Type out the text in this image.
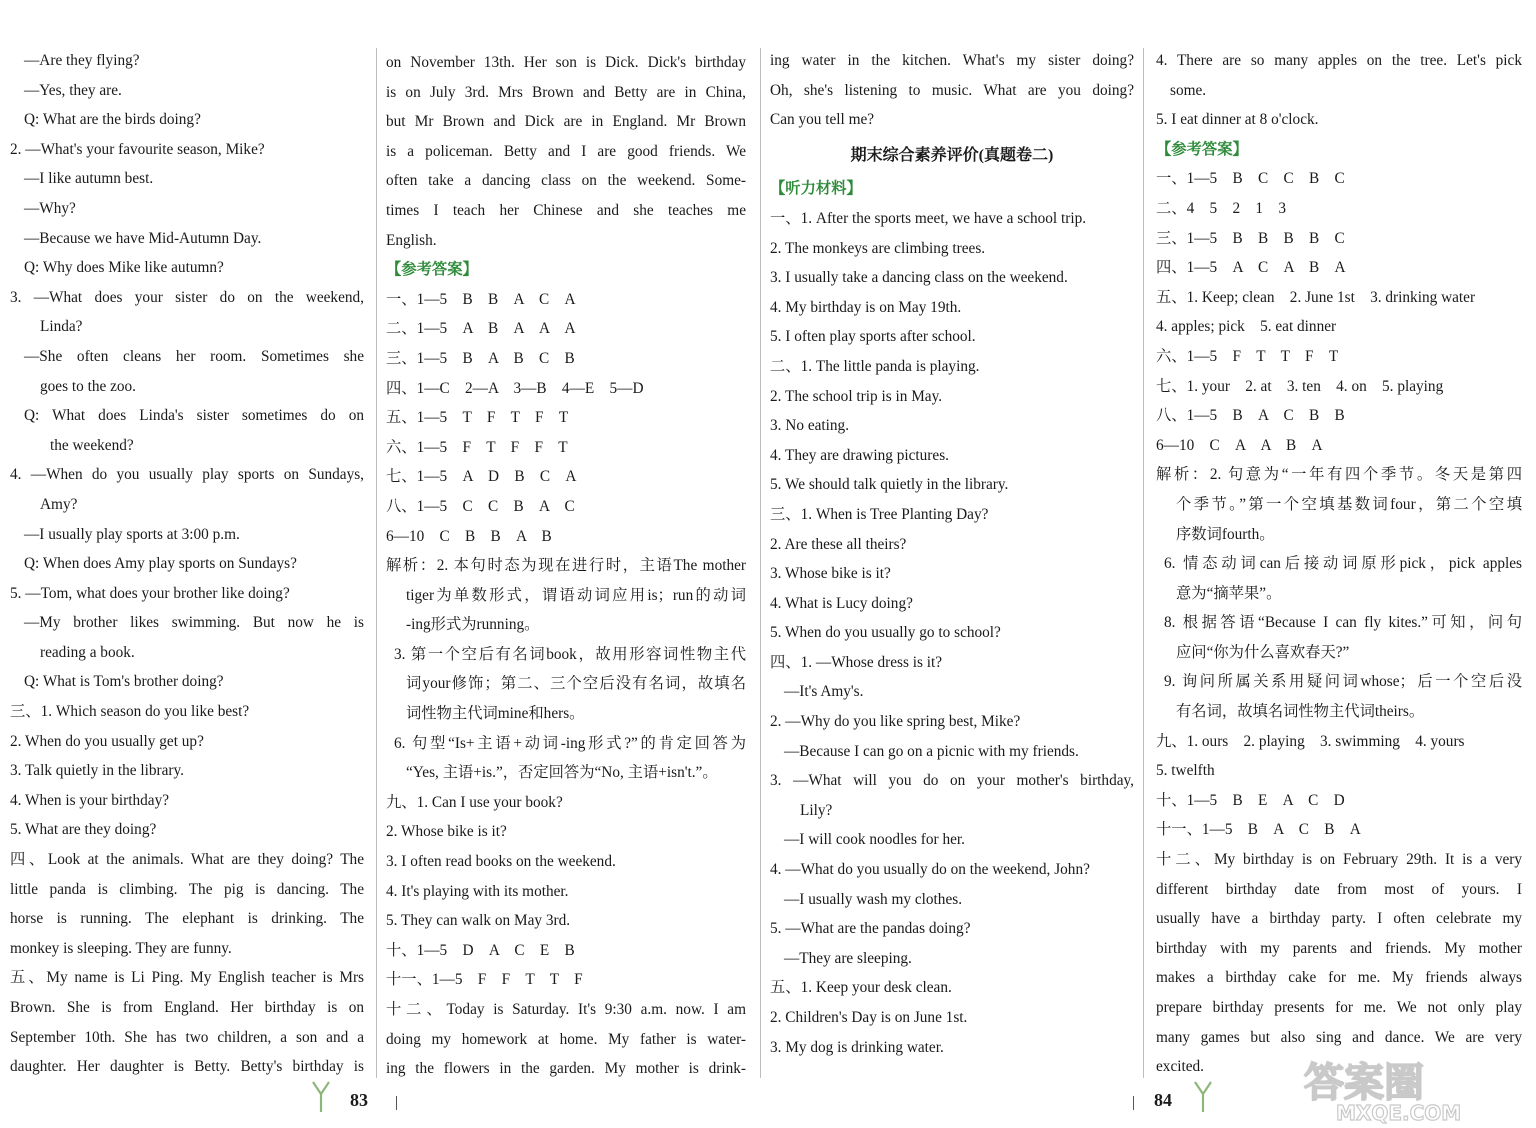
—Are they flying?
—Yes, they are.
Q: What are the birds doing?
2. —What's your favourite season, Mike?
—I like autumn best.
—Why?
—Because we have Mid-Autumn Day.
Q: Why does Mike like autumn?
3. —What does your sister do on the weekend,
Linda?
—She often cleans her room. Sometimes she
goes to the zoo.
Q: What does Linda's sister sometimes do on
the weekend?
4. —When do you usually play sports on Sundays,
Amy?
—I usually play sports at 3:00 p.m.
Q: When does Amy play sports on Sundays?
5. —Tom, what does your brother like doing?
—My brother likes swimming. But now he is
reading a book.
Q: What is Tom's brother doing?
三、1. Which season do you like best?
2. When do you usually get up?
3. Talk quietly in the library.
4. When is your birthday?
5. What are they doing?
四、Look at the animals. What are they doing? The
little panda is climbing. The pig is dancing. The
horse is running. The elephant is drinking. The
monkey is sleeping. They are funny.
五、My name is Li Ping. My English teacher is Mrs
Brown. She is from England. Her birthday is on
September 10th. She has two children, a son and a
daughter. Her daughter is Betty. Betty's birthday is
on November 13th. Her son is Dick. Dick's birthday
is on July 3rd. Mrs Brown and Betty are in China,
but Mr Brown and Dick are in England. Mr Brown
is a policeman. Betty and I are good friends. We
often take a dancing class on the weekend. Some-
times I teach her Chinese and she teaches me
English.
【参考答案】
一、1—5　B　B　A　C　A
二、1—5　A　B　A　A　A
三、1—5　B　A　B　C　B
四、1—C　2—A　3—B　4—E　5—D
五、1—5　T　F　T　F　T
六、1—5　F　T　F　F　T
七、1—5　A　D　B　C　A
八、1—5　C　C　B　A　C
6—10　C　B　B　A　B
解析：2. 本句时态为现在进行时，主语The mother
tiger为单数形式，谓语动词应用is；run的动词
-ing形式为running。
3. 第一个空后有名词book，故用形容词性物主代
词your修饰；第二、三个空后没有名词，故填名
词性物主代词mine和hers。
6. 句型“Is+主语+动词-ing形式?”的肯定回答为
“Yes, 主语+is.”，否定回答为“No, 主语+isn't.”。
九、1. Can I use your book?
2. Whose bike is it?
3. I often read books on the weekend.
4. It's playing with its mother.
5. They can walk on May 3rd.
十、1—5　D　A　C　E　B
十一、1—5　F　F　T　T　F
十二、Today is Saturday. It's 9:30 a.m. now. I am
doing my homework at home. My father is water-
ing the flowers in the garden. My mother is drink-
ing water in the kitchen. What's my sister doing?
Oh, she's listening to music. What are you doing?
Can you tell me?
期末综合素养评价(真题卷二)
【听力材料】
一、1. After the sports meet, we have a school trip.
2. The monkeys are climbing trees.
3. I usually take a dancing class on the weekend.
4. My birthday is on May 19th.
5. I often play sports after school.
二、1. The little panda is playing.
2. The school trip is in May.
3. No eating.
4. They are drawing pictures.
5. We should talk quietly in the library.
三、1. When is Tree Planting Day?
2. Are these all theirs?
3. Whose bike is it?
4. What is Lucy doing?
5. When do you usually go to school?
四、1. —Whose dress is it?
—It's Amy's.
2. —Why do you like spring best, Mike?
—Because I can go on a picnic with my friends.
3. —What will you do on your mother's birthday,
Lily?
—I will cook noodles for her.
4. —What do you usually do on the weekend, John?
—I usually wash my clothes.
5. —What are the pandas doing?
—They are sleeping.
五、1. Keep your desk clean.
2. Children's Day is on June 1st.
3. My dog is drinking water.
4. There are so many apples on the tree. Let's pick
some.
5. I eat dinner at 8 o'clock.
【参考答案】
一、1—5　B　C　C　B　C
二、4　5　2　1　3
三、1—5　B　B　B　B　C
四、1—5　A　C　A　B　A
五、1. Keep; clean　2. June 1st　3. drinking water
4. apples; pick　5. eat dinner
六、1—5　F　T　T　F　T
七、1. your　2. at　3. ten　4. on　5. playing
八、1—5　B　A　C　B　B
6—10　C　A　A　B　A
解析：2. 句意为“一年有四个季节。冬天是第四
个季节。”第一个空填基数词four，第二个空填
序数词fourth。
6. 情态动词can后接动词原形pick，pick apples
意为“摘苹果”。
8. 根据答语“Because I can fly kites.”可知，问句
应问“你为什么喜欢春天?”
9. 询问所属关系用疑问词whose；后一个空后没
有名词，故填名词性物主代词theirs。
九、1. ours　2. playing　3. swimming　4. yours
5. twelfth
十、1—5　B　E　A　C　D
十一、1—5　B　A　C　B　A
十二、My birthday is on February 29th. It is a very
different birthday date from most of yours. I
usually have a birthday party. I often celebrate my
birthday with my parents and friends. My mother
makes a birthday cake for me. My friends always
prepare birthday presents for me. We not only play
many games but also sing and dance. We are very
excited.
83	84	答案圈
MXQE.COM
